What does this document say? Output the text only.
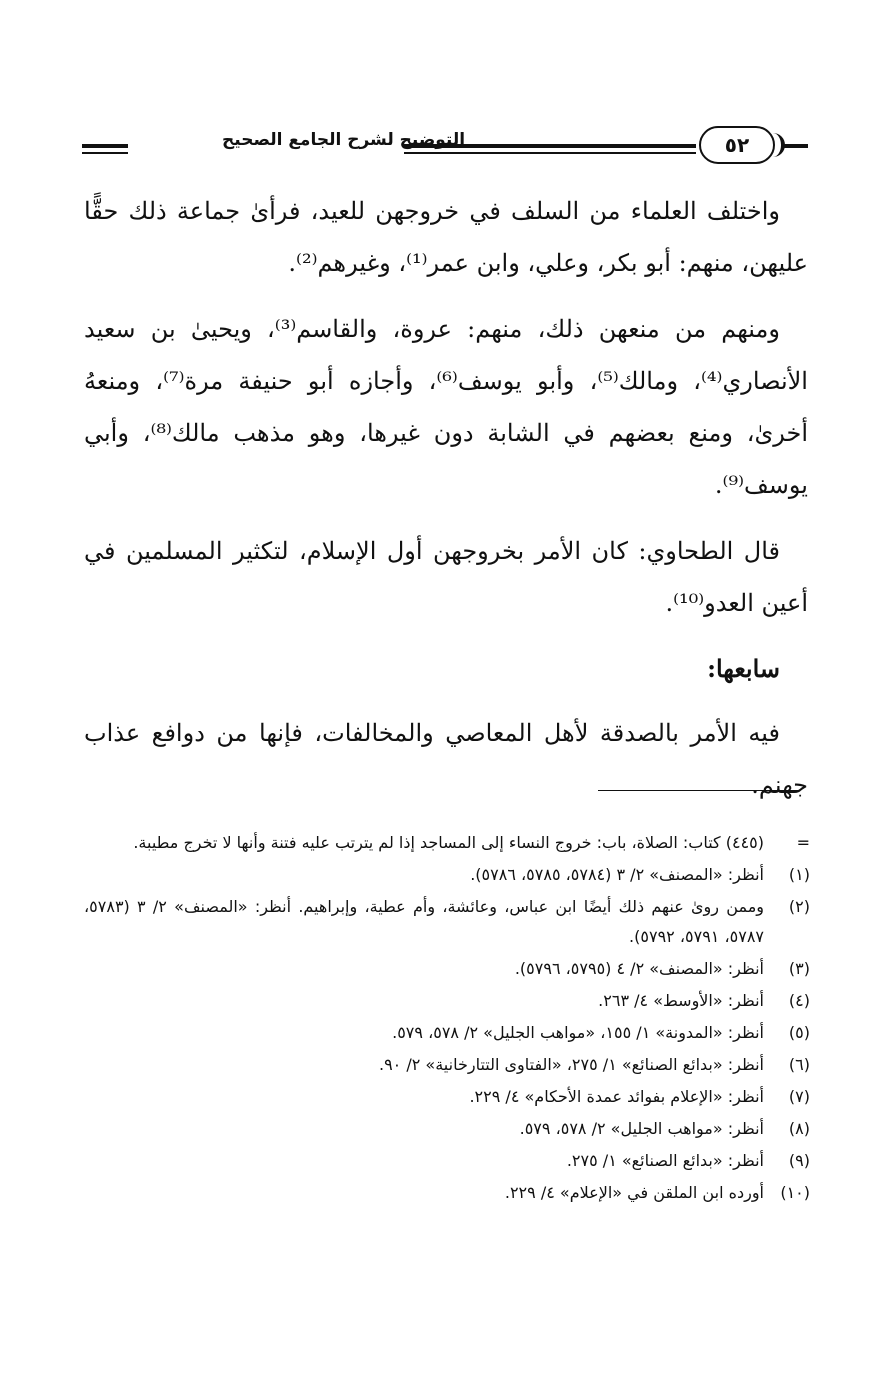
التوضيح لشرح الجامع الصحيح	٥٢

واختلف العلماء من السلف في خروجهن للعيد، فرأىٰ جماعة ذلك حقًّا عليهن، منهم: أبو بكر، وعلي، وابن عمر⁽¹⁾، وغيرهم⁽²⁾.

ومنهم من منعهن ذلك، منهم: عروة، والقاسم⁽³⁾، ويحيىٰ بن سعيد الأنصاري⁽⁴⁾، ومالك⁽⁵⁾، وأبو يوسف⁽⁶⁾، وأجازه أبو حنيفة مرة⁽⁷⁾، ومنعهُ أخرىٰ، ومنع بعضهم في الشابة دون غيرها، وهو مذهب مالك⁽⁸⁾، وأبي يوسف⁽⁹⁾.

قال الطحاوي: كان الأمر بخروجهن أول الإسلام، لتكثير المسلمين في أعين العدو⁽¹⁰⁾.

سابعها:

فيه الأمر بالصدقة لأهل المعاصي والمخالفات، فإنها من دوافع عذاب جهنم.

=
(٤٤٥) كتاب: الصلاة، باب: خروج النساء إلى المساجد إذا لم يترتب عليه فتنة وأنها لا تخرج مطيبة.
(١)
أنظر: «المصنف» ٢/ ٣ (٥٧٨٤، ٥٧٨٥، ٥٧٨٦).
(٢)
وممن روىٰ عنهم ذلك أيضًا ابن عباس، وعائشة، وأم عطية، وإبراهيم. أنظر: «المصنف» ٢/ ٣ (٥٧٨٣، ٥٧٨٧، ٥٧٩١، ٥٧٩٢).
(٣)
أنظر: «المصنف» ٢/ ٤ (٥٧٩٥، ٥٧٩٦).
(٤)
أنظر: «الأوسط» ٤/ ٢٦٣.
(٥)
أنظر: «المدونة» ١/ ١٥٥، «مواهب الجليل» ٢/ ٥٧٨، ٥٧٩.
(٦)
أنظر: «بدائع الصنائع» ١/ ٢٧٥، «الفتاوى التتارخانية» ٢/ ٩٠.
(٧)
أنظر: «الإعلام بفوائد عمدة الأحكام» ٤/ ٢٢٩.
(٨)
أنظر: «مواهب الجليل» ٢/ ٥٧٨، ٥٧٩.
(٩)
أنظر: «بدائع الصنائع» ١/ ٢٧٥.
(١٠)
أورده ابن الملقن في «الإعلام» ٤/ ٢٢٩.
